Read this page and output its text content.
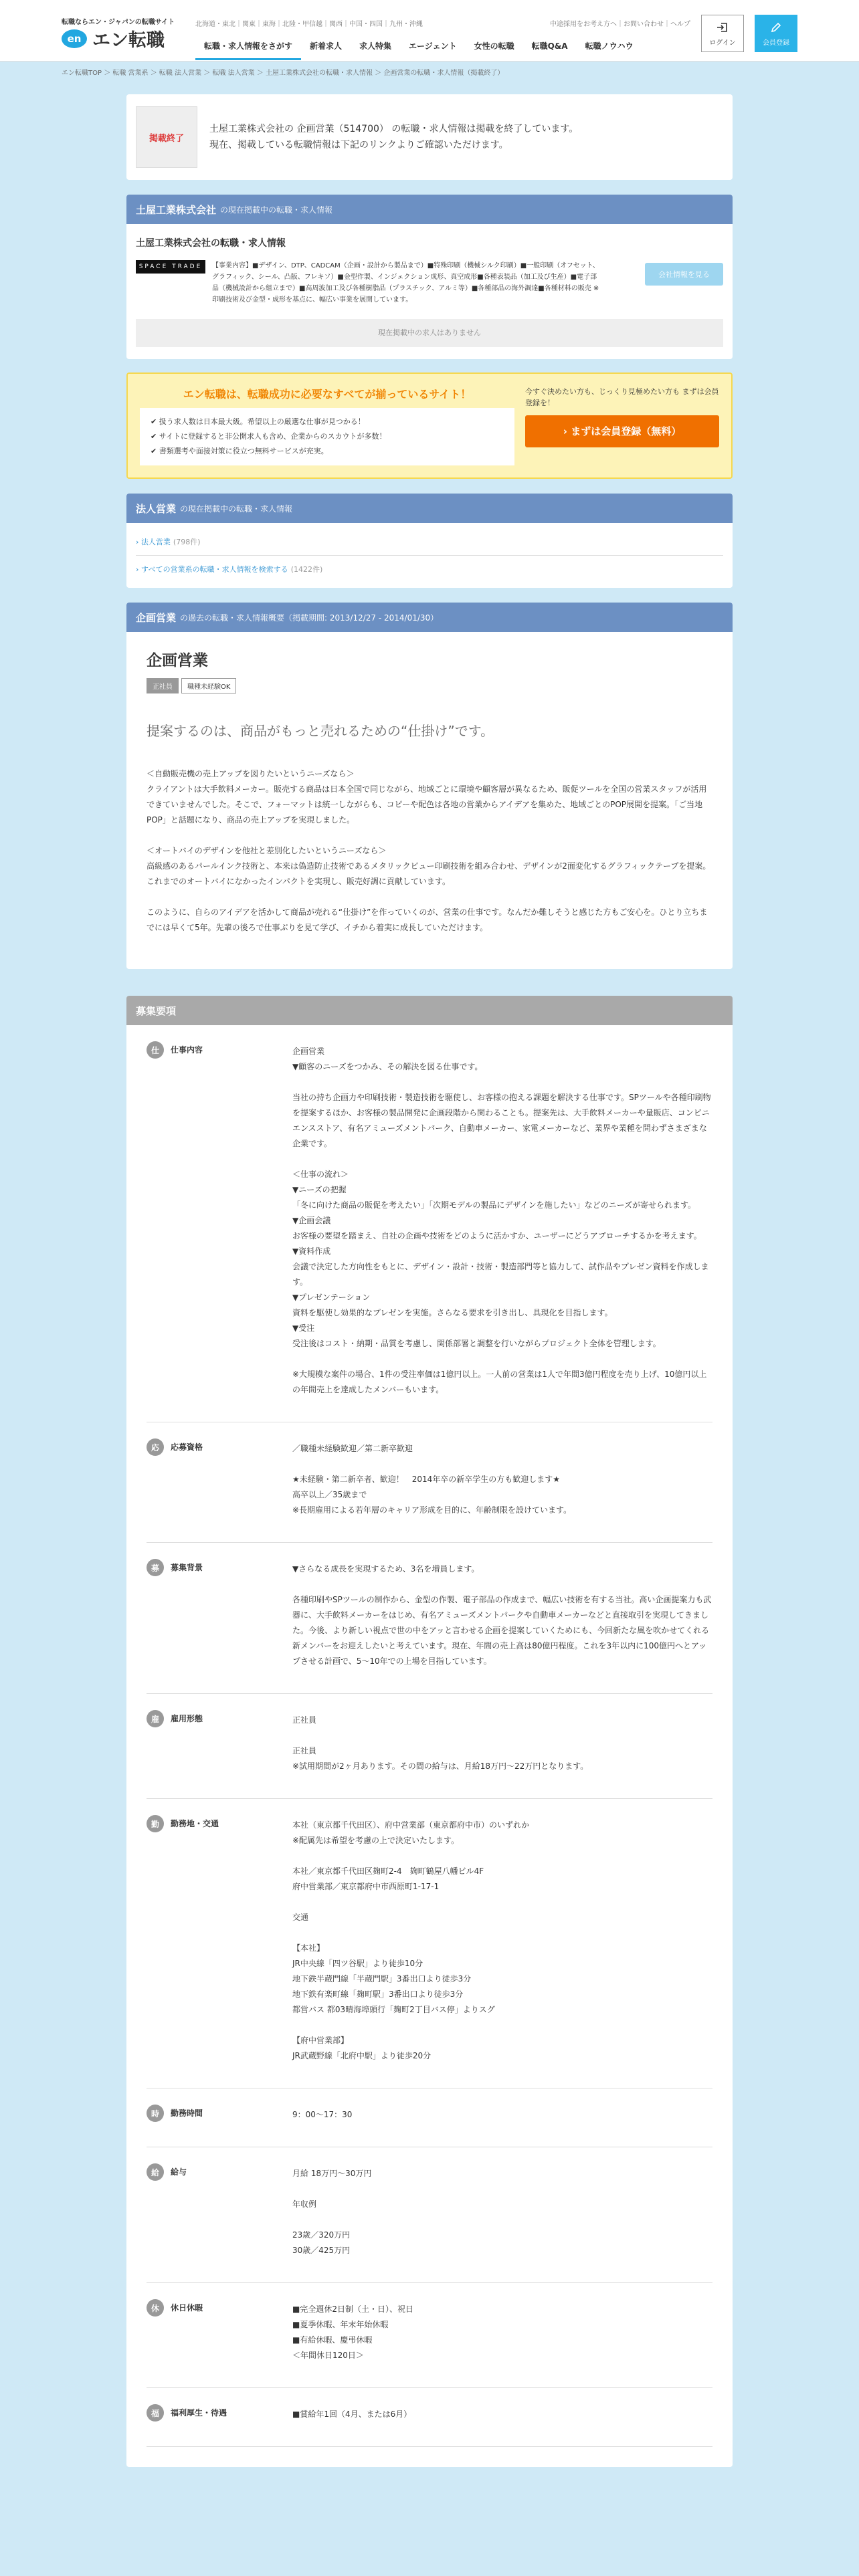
転職ならエン・ジャパンの転職サイト
en エン転職
北海道・東北｜関東｜東海｜北陸・甲信越｜関西｜中国・四国｜九州・沖縄	中途採用をお考え方へ｜お問い合わせ｜ヘルプ
転職・求人情報をさがす	新着求人	求人特集	エージェント	女性の転職	転職Q&A	転職ノウハウ	ログイン	会員登録
エン転職TOP ＞ 転職 営業系 ＞ 転職 法人営業 ＞ 転職 法人営業 ＞ 土屋工業株式会社の転職・求人情報 ＞ 企画営業の転職・求人情報（掲載終了）
掲載終了

土屋工業株式会社の 企画営業（514700） の転職・求人情報は掲載を終了しています。

現在、掲載している転職情報は下記のリンクよりご確認いただけます。

土屋工業株式会社 の現在掲載中の転職・求人情報
土屋工業株式会社の転職・求人情報
SPACE TRADE	【事業内容】■デザイン、DTP、CADCAM（企画・設計から製品まで）■特殊印刷（機械シルク印刷）■一般印刷（オフセット、グラフィック、シール、凸版、フレキソ）■金型作製、インジェクション成形、真空成形■各種表装品（加工及び生産）■電子部品（機械設計から組立まで）■高周波加工及び各種樹脂品（プラスチック、アルミ等）■各種部品の海外調達■各種材料の販売 ※印刷技術及び金型・成形を基点に、幅広い事業を展開しています。
会社情報を見る
現在掲載中の求人はありません
エン転職は、転職成功に必要なすべてが揃っているサイト！
✔ 扱う求人数は日本最大級。希望以上の厳選な仕事が見つかる！
✔ サイトに登録すると非公開求人も含め、企業からのスカウトが多数！
✔ 書類選考や面接対策に役立つ無料サービスが充実。
今すぐ決めたい方も、じっくり見極めたい方も まずは会員登録を！
› まずは会員登録（無料）
法人営業 の現在掲載中の転職・求人情報
› 法人営業 (798件)
› すべての営業系の転職・求人情報を検索する (1422件)
企画営業 の過去の転職・求人情報概要（掲載期間: 2013/12/27 - 2014/01/30）
企画営業
正社員 職種未経験OK
提案するのは、商品がもっと売れるための“仕掛け”です。
＜自動販売機の売上アップを図りたいというニーズなら＞
クライアントは大手飲料メーカー。販売する商品は日本全国で同じながら、地域ごとに環境や顧客層が異なるため、販促ツールを全国の営業スタッフが活用できていませんでした。そこで、フォーマットは統一しながらも、コピーや配色は各地の営業からアイデアを集めた、地域ごとのPOP展開を提案。「ご当地POP」と話題になり、商品の売上アップを実現しました。

＜オートバイのデザインを他社と差別化したいというニーズなら＞
高級感のあるパールインク技術と、本来は偽造防止技術であるメタリックビュー印刷技術を組み合わせ、デザインが2面変化するグラフィックテープを提案。これまでのオートバイになかったインパクトを実現し、販売好調に貢献しています。

このように、自らのアイデアを活かして商品が売れる“仕掛け”を作っていくのが、営業の仕事です。なんだか難しそうと感じた方もご安心を。ひとり立ちまでには早くて5年。先輩の後ろで仕事ぶりを見て学び、イチから着実に成長していただけます。
募集要項
仕	仕事内容	企画営業
▼顧客のニーズをつかみ、その解決を図る仕事です。

当社の持ち企画力や印刷技術・製造技術を駆使し、お客様の抱える課題を解決する仕事です。SPツールや各種印刷物を提案するほか、お客様の製品開発に企画段階から関わることも。提案先は、大手飲料メーカーや量販店、コンビニエンスストア、有名アミューズメントパーク、自動車メーカー、家電メーカーなど、業界や業種を問わずさまざまな企業です。

＜仕事の流れ＞
▼ニーズの把握
「冬に向けた商品の販促を考えたい」「次期モデルの製品にデザインを施したい」などのニーズが寄せられます。
▼企画会議
お客様の要望を踏まえ、自社の企画や技術をどのように活かすか、ユーザーにどうアプローチするかを考えます。
▼資料作成
会議で決定した方向性をもとに、デザイン・設計・技術・製造部門等と協力して、試作品やプレゼン資料を作成します。
▼プレゼンテーション
資料を駆使し効果的なプレゼンを実施。さらなる要求を引き出し、具現化を目指します。
▼受注
受注後はコスト・納期・品質を考慮し、関係部署と調整を行いながらプロジェクト全体を管理します。

※大規模な案件の場合、1件の受注率価は1億円以上。一人前の営業は1人で年間3億円程度を売り上げ、10億円以上の年間売上を達成したメンバーもいます。
応	応募資格	／職種未経験歓迎／第二新卒歓迎

★未経験・第二新卒者、歓迎！　2014年卒の新卒学生の方も歓迎します★
高卒以上／35歳まで
※長期雇用による若年層のキャリア形成を目的に、年齢制限を設けています。
募	募集背景	▼さらなる成長を実現するため、3名を増員します。

各種印刷やSPツールの制作から、金型の作製、電子部品の作成まで、幅広い技術を有する当社。高い企画提案力も武器に、大手飲料メーカーをはじめ、有名アミューズメントパークや自動車メーカーなどと直接取引を実現してきました。今後、より新しい視点で世の中をアッと言わせる企画を提案していくためにも、今回新たな風を吹かせてくれる新メンバーをお迎えしたいと考えています。現在、年間の売上高は80億円程度。これを3年以内に100億円へとアップさせる計画で、5〜10年での上場を目指しています。
雇	雇用形態	正社員

正社員
※試用期間が2ヶ月あります。その間の給与は、月給18万円〜22万円となります。
勤	勤務地・交通	本社（東京都千代田区）、府中営業部（東京都府中市）のいずれか
※配属先は希望を考慮の上で決定いたします。

本社／東京都千代田区麹町2-4　麹町鶴屋八幡ビル4F
府中営業部／東京都府中市西原町1-17-1

交通

【本社】
JR中央線「四ツ谷駅」より徒歩10分
地下鉄半蔵門線「半蔵門駅」3番出口より徒歩3分
地下鉄有楽町線「麹町駅」3番出口より徒歩3分
都営バス 都03晴海埠頭行「麹町2丁目バス停」よりスグ

【府中営業部】
JR武蔵野線「北府中駅」より徒歩20分
時	勤務時間	9：00〜17：30
給	給与	月給 18万円〜30万円

年収例

23歳／320万円
30歳／425万円
休	休日休暇	■完全週休2日制（土・日）、祝日
■夏季休暇、年末年始休暇
■有給休暇、慶弔休暇
＜年間休日120日＞
福	福利厚生・待遇	■賞給年1回（4月、または6月）
